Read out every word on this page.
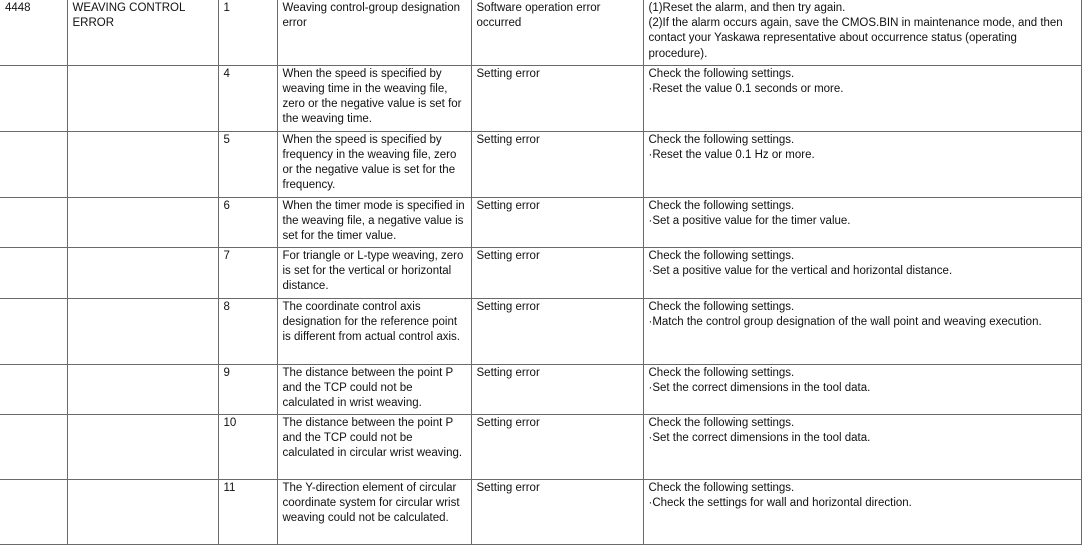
4448	WEAVING CONTROL ERROR	1	Weaving control-group designation error	Software operation error occurred	(1)Reset the alarm, and then try again.
(2)If the alarm occurs again, save the CMOS.BIN in maintenance mode, and then contact your Yaskawa representative about occurrence status (operating procedure).

		4	When the speed is specified by weaving time in the weaving file, zero or the negative value is set for the weaving time.	Setting error	Check the following settings.
·Reset the value 0.1 seconds or more.

		5	When the speed is specified by frequency in the weaving file, zero or the negative value is set for the frequency.	Setting error	Check the following settings.
·Reset the value 0.1 Hz or more.

		6	When the timer mode is specified in the weaving file, a negative value is set for the timer value.	Setting error	Check the following settings.
·Set a positive value for the timer value.

		7	For triangle or L-type weaving, zero is set for the vertical or horizontal distance.	Setting error	Check the following settings.
·Set a positive value for the vertical and horizontal distance.

		8	The coordinate control axis designation for the reference point is different from actual control axis.	Setting error	Check the following settings.
·Match the control group designation of the wall point and weaving execution.

		9	The distance between the point P and the TCP could not be calculated in wrist weaving.	Setting error	Check the following settings.
·Set the correct dimensions in the tool data.

		10	The distance between the point P and the TCP could not be calculated in circular wrist weaving.	Setting error	Check the following settings.
·Set the correct dimensions in the tool data.

		11	The Y-direction element of circular coordinate system for circular wrist weaving could not be calculated.	Setting error	Check the following settings.
·Check the settings for wall and horizontal direction.
